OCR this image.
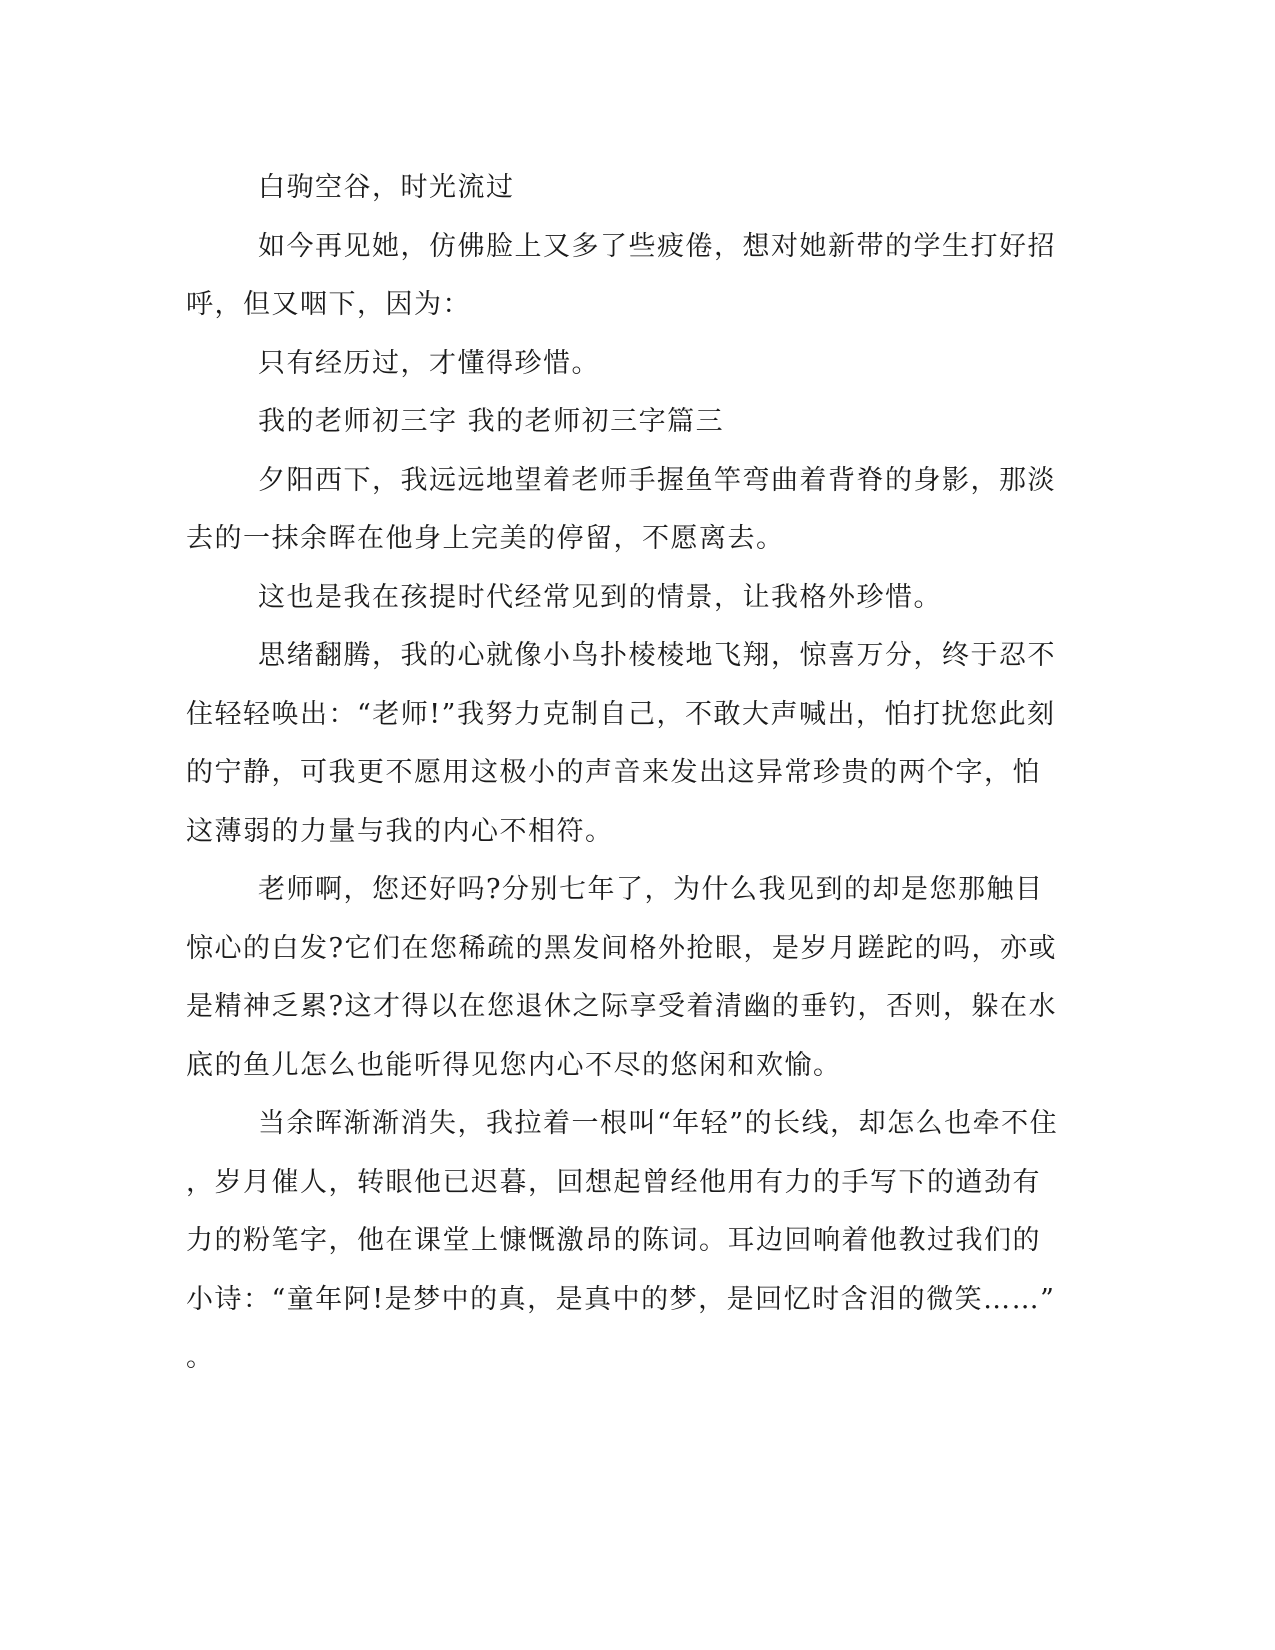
白驹空谷，时光流过

如今再见她，仿佛脸上又多了些疲倦，想对她新带的学生打好招
呼，但又咽下，因为：

只有经历过，才懂得珍惜。

我的老师初三字 我的老师初三字篇三

夕阳西下，我远远地望着老师手握鱼竿弯曲着背脊的身影，那淡
去的一抹余晖在他身上完美的停留，不愿离去。

这也是我在孩提时代经常见到的情景，让我格外珍惜。

思绪翻腾，我的心就像小鸟扑棱棱地飞翔，惊喜万分，终于忍不
住轻轻唤出：“老师!”我努力克制自己，不敢大声喊出，怕打扰您此刻
的宁静，可我更不愿用这极小的声音来发出这异常珍贵的两个字，怕
这薄弱的力量与我的内心不相符。

老师啊，您还好吗?分别七年了，为什么我见到的却是您那触目
惊心的白发?它们在您稀疏的黑发间格外抢眼，是岁月蹉跎的吗，亦或
是精神乏累?这才得以在您退休之际享受着清幽的垂钓，否则，躲在水
底的鱼儿怎么也能听得见您内心不尽的悠闲和欢愉。

当余晖渐渐消失，我拉着一根叫“年轻”的长线，却怎么也牵不住
，岁月催人，转眼他已迟暮，回想起曾经他用有力的手写下的遒劲有
力的粉笔字，他在课堂上慷慨激昂的陈词。耳边回响着他教过我们的
小诗：“童年阿!是梦中的真，是真中的梦，是回忆时含泪的微笑……”
。
